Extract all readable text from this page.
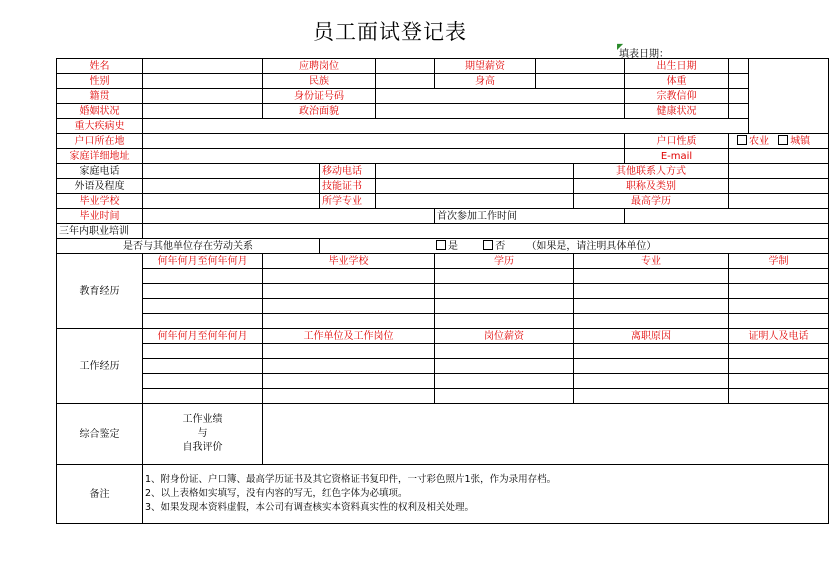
员工面试登记表
◤
填表日期：
姓名		应聘岗位			期望薪资			出生日期		
性别		民族			身高			体重		
籍贯		身份证号码						宗教信仰		
婚姻状况		政治面貌						健康状况		
重大疾病史										
户口所在地								户口性质	农业 城镇	
家庭详细地址								E-mail		
家庭电话			移动电话				其他联系人方式			
外语及程度			技能证书				职称及类别			
毕业学校			所学专业				最高学历			
毕业时间					首次参加工作时间					
三年内职业培训										
是否与其他单位存在劳动关系			是 否 （如果是，请注明具体单位）							
教育经历	何年何月至何年何月	毕业学校			学历		专业		学制	

工作经历	何年何月至何年何月	工作单位及工作岗位			岗位薪资		离职原因		证明人及电话	

综合鉴定	工作业绩
与
自我评价									

备注	1、附身份证、户口簿、最高学历证书及其它资格证书复印件，一寸彩色照片1张，作为录用存档。
2、以上表格如实填写，没有内容的写无，红色字体为必填项。
3、如果发现本资料虚假，本公司有调查核实本资料真实性的权利及相关处理。									
